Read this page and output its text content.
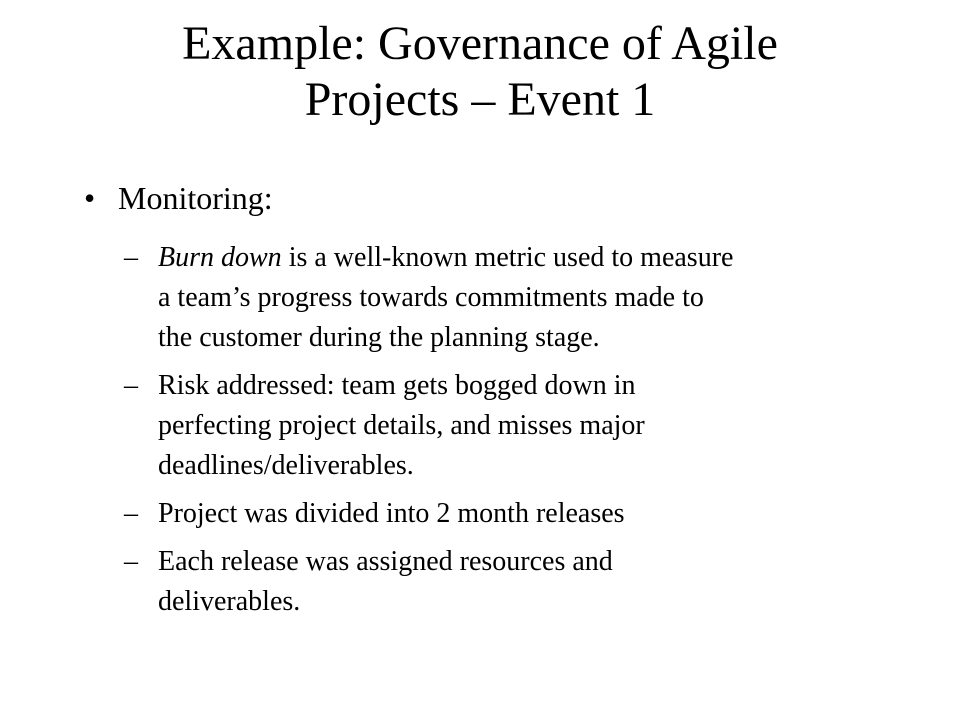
Example: Governance of Agile
Projects – Event 1
• Monitoring:
– Burn down is a well-known metric used to measure
a team’s progress towards commitments made to
the customer during the planning stage.
– Risk addressed: team gets bogged down in
perfecting project details, and misses major
deadlines/deliverables.
– Project was divided into 2 month releases
– Each release was assigned resources and
deliverables.
